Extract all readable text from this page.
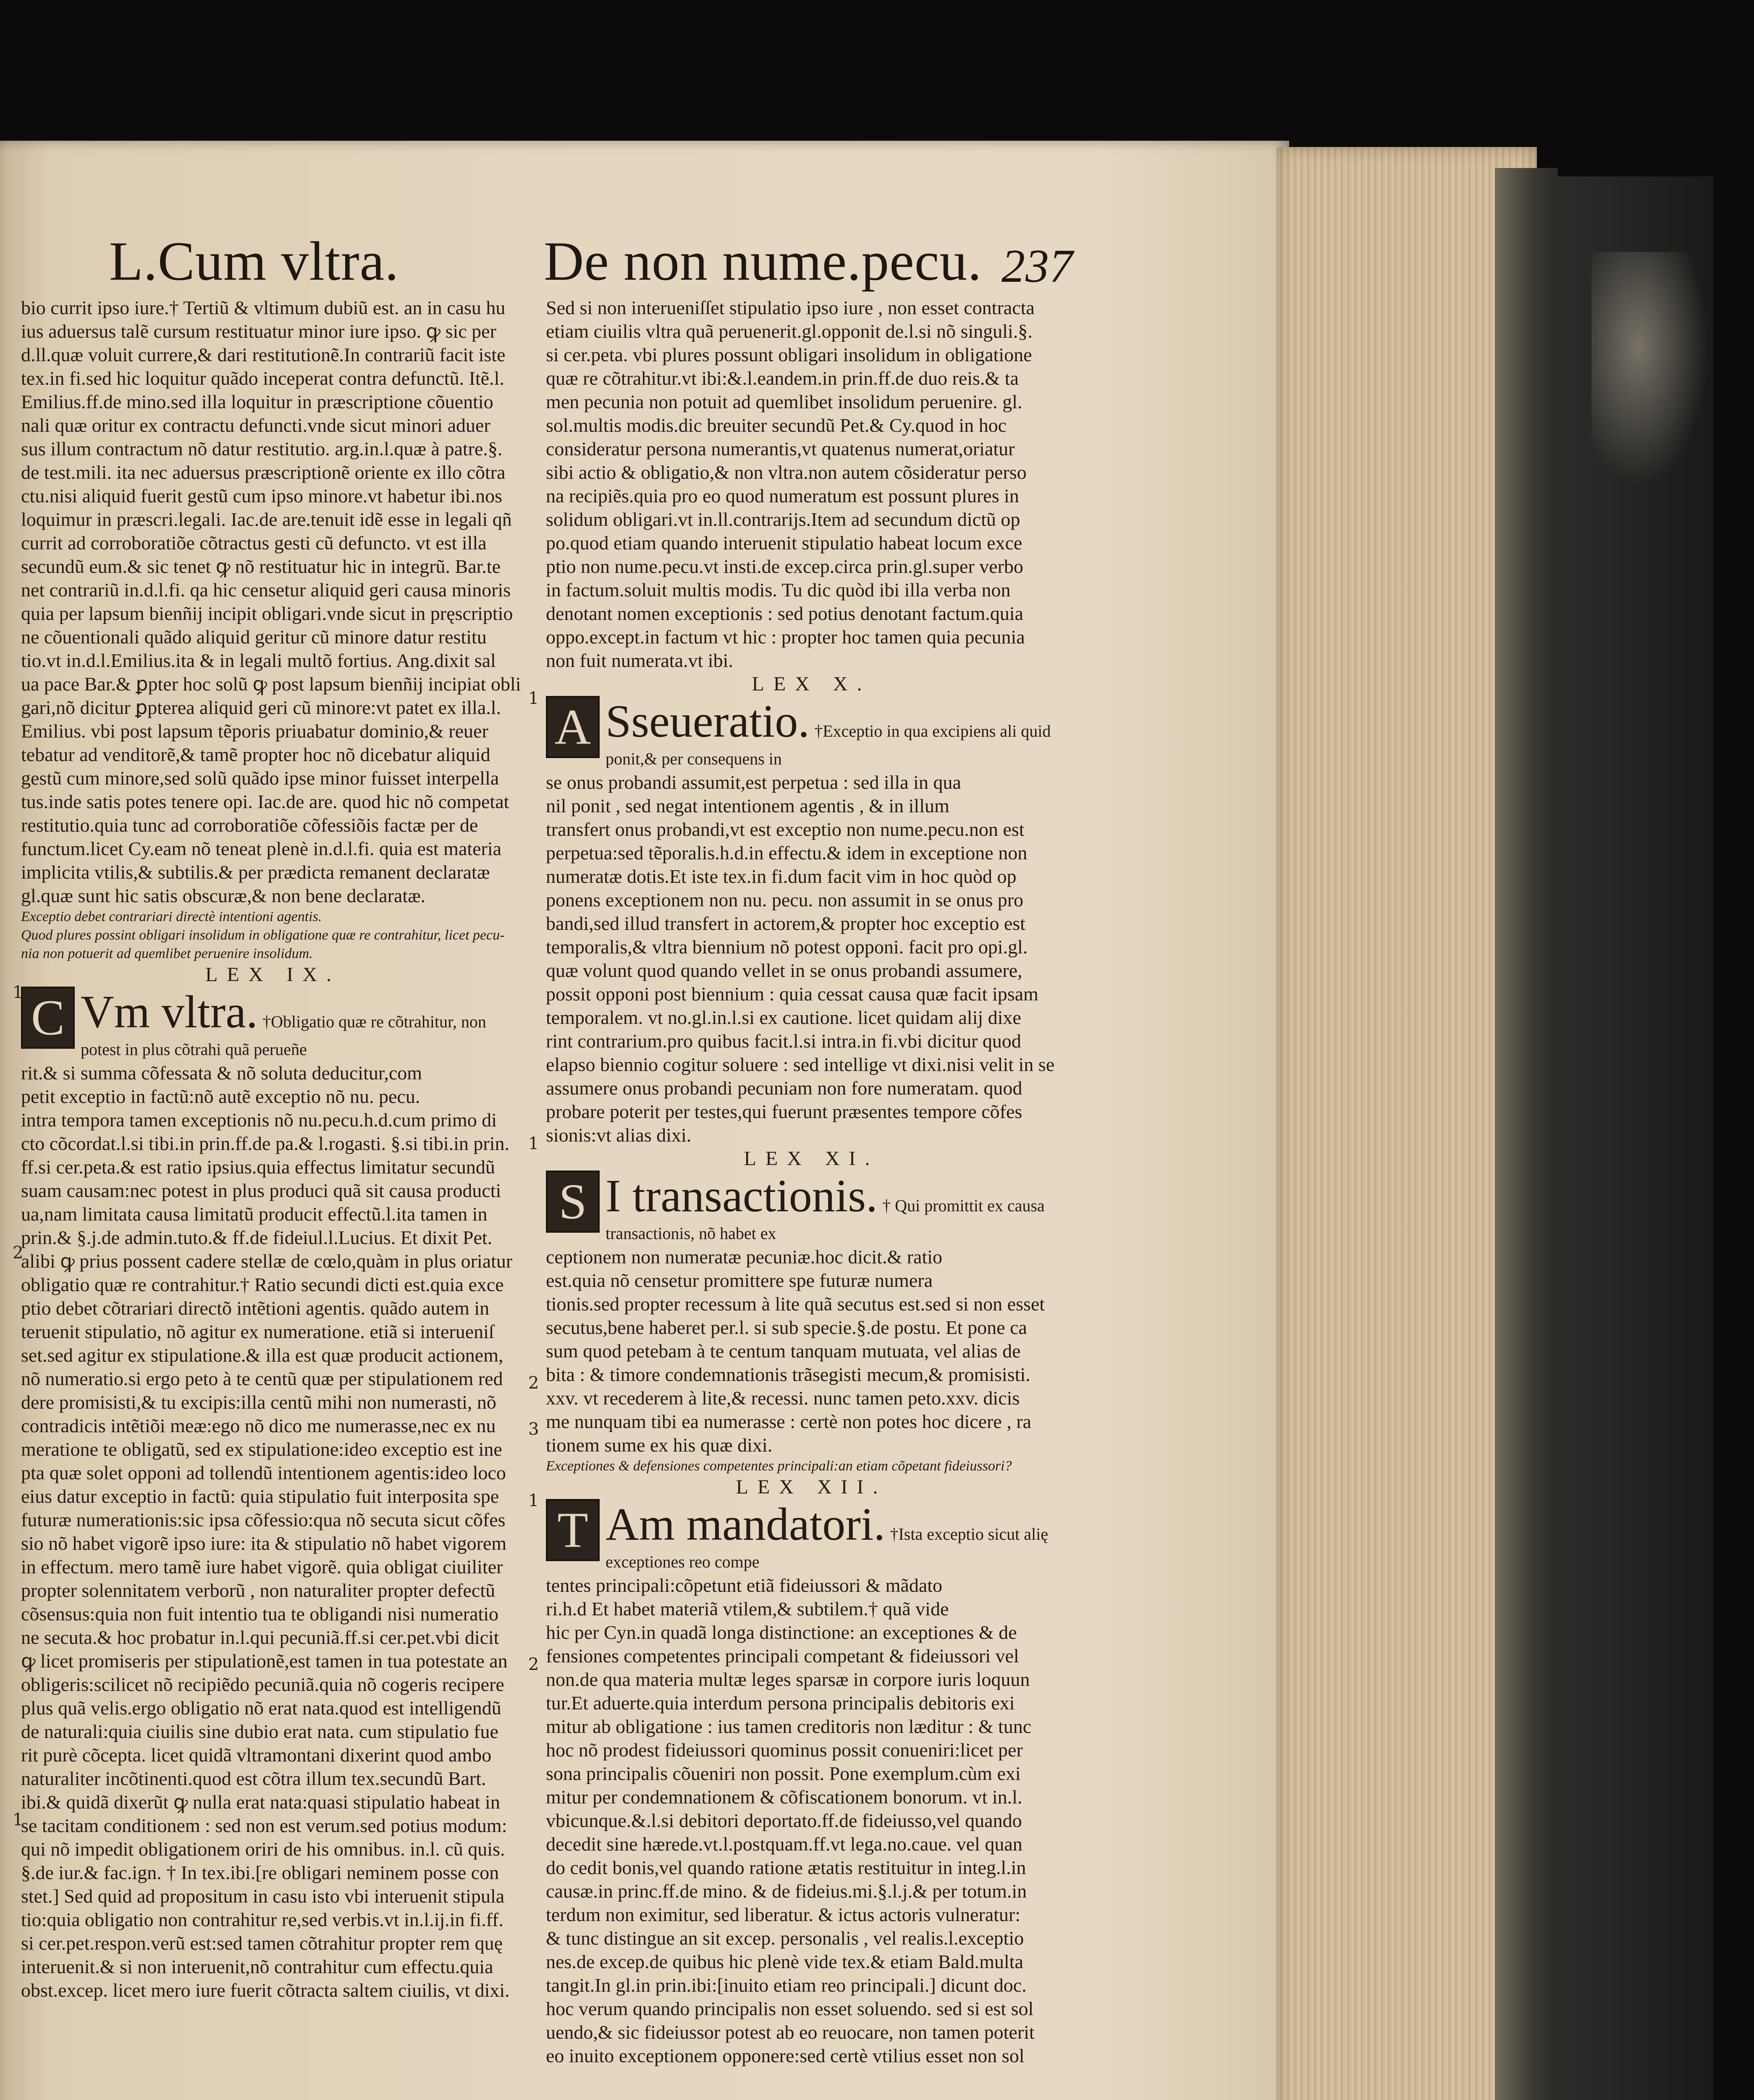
L.Cum vltra.	De non nume.pecu. 237

bio currit ipso iure.† Tertiũ & vltimum dubiũ est. an in casu hu

ius aduersus talẽ cursum restituatur minor iure ipso. ꝙ sic per

d.ll.quæ voluit currere,& dari restitutionẽ.In contrariũ facit iste

tex.in fi.sed hic loquitur quãdo inceperat contra defunctũ. Itẽ.l.

Emilius.ff.de mino.sed illa loquitur in præscriptione cõuentio

nali quæ oritur ex contractu defuncti.vnde sicut minori aduer

sus illum contractum nõ datur restitutio. arg.in.l.quæ à patre.§.

de test.mili. ita nec aduersus præscriptionẽ oriente ex illo cõtra

ctu.nisi aliquid fuerit gestũ cum ipso minore.vt habetur ibi.nos

loquimur in præscri.legali. Iac.de are.tenuit idẽ esse in legali qñ

currit ad corroboratiõe cõtractus gesti cũ defuncto. vt est illa

secundũ eum.& sic tenet ꝙ nõ restituatur hic in integrũ. Bar.te

net contrariũ in.d.l.fi. qa hic censetur aliquid geri causa minoris

quia per lapsum bienñij incipit obligari.vnde sicut in pręscriptio

ne cõuentionali quãdo aliquid geritur cũ minore datur restitu

tio.vt in.d.l.Emilius.ita & in legali multõ fortius. Ang.dixit sal

ua pace Bar.& ꝑpter hoc solũ ꝙ post lapsum bienñij incipiat obli

gari,nõ dicitur ꝑpterea aliquid geri cũ minore:vt patet ex illa.l.

Emilius. vbi post lapsum tẽporis priuabatur dominio,& reuer

tebatur ad venditorẽ,& tamẽ propter hoc nõ dicebatur aliquid

gestũ cum minore,sed solũ quãdo ipse minor fuisset interpella

tus.inde satis potes tenere opi. Iac.de are. quod hic nõ competat

restitutio.quia tunc ad corroboratiõe cõfessiõis factæ per de

functum.licet Cy.eam nõ teneat plenè in.d.l.fi. quia est materia

implicita vtilis,& subtilis.& per prædicta remanent declaratæ

gl.quæ sunt hic satis obscuræ,& non bene declaratæ.

Exceptio debet contrariari directè intentioni agentis.

Quod plures possint obligari insolidum in obligatione quæ re contrahitur, licet pecu-

nia non potuerit ad quemlibet peruenire insolidum.

LEX IX.

C Vm vltra. †Obligatio quæ re cõtrahitur, non potest in plus cõtrahi quã perueñe

rit.& si summa cõfessata & nõ soluta deducitur,com

petit exceptio in factũ:nõ autẽ exceptio nõ nu. pecu.

intra tempora tamen exceptionis nõ nu.pecu.h.d.cum primo di

cto cõcordat.l.si tibi.in prin.ff.de pa.& l.rogasti. §.si tibi.in prin.

ff.si cer.peta.& est ratio ipsius.quia effectus limitatur secundũ

suam causam:nec potest in plus produci quã sit causa producti

ua,nam limitata causa limitatũ producit effectũ.l.ita tamen in

prin.& §.j.de admin.tuto.& ff.de fideiul.l.Lucius. Et dixit Pet.

alibi ꝙ prius possent cadere stellæ de cœlo,quàm in plus oriatur

obligatio quæ re contrahitur.† Ratio secundi dicti est.quia exce

ptio debet cõtrariari directõ intẽtioni agentis. quãdo autem in

teruenit stipulatio, nõ agitur ex numeratione. etiã si interueniſ

set.sed agitur ex stipulatione.& illa est quæ producit actionem,

nõ numeratio.si ergo peto à te centũ quæ per stipulationem red

dere promisisti,& tu excipis:illa centũ mihi non numerasti, nõ

contradicis intẽtiõi meæ:ego nõ dico me numerasse,nec ex nu

meratione te obligatũ, sed ex stipulatione:ideo exceptio est ine

pta quæ solet opponi ad tollendũ intentionem agentis:ideo loco

eius datur exceptio in factũ: quia stipulatio fuit interposita spe

futuræ numerationis:sic ipsa cõfessio:qua nõ secuta sicut cõfes

sio nõ habet vigorẽ ipso iure: ita & stipulatio nõ habet vigorem

in effectum. mero tamẽ iure habet vigorẽ. quia obligat ciuiliter

propter solennitatem verborũ , non naturaliter propter defectũ

cõsensus:quia non fuit intentio tua te obligandi nisi numeratio

ne secuta.& hoc probatur in.l.qui pecuniã.ff.si cer.pet.vbi dicit

ꝙ licet promiseris per stipulationẽ,est tamen in tua potestate an

obligeris:scilicet nõ recipiẽdo pecuniã.quia nõ cogeris recipere

plus quã velis.ergo obligatio nõ erat nata.quod est intelligendũ

de naturali:quia ciuilis sine dubio erat nata. cum stipulatio fue

rit purè cõcepta. licet quidã vltramontani dixerint quod ambo

naturaliter incõtinenti.quod est cõtra illum tex.secundũ Bart.

ibi.& quidã dixerũt ꝙ nulla erat nata:quasi stipulatio habeat in

se tacitam conditionem : sed non est verum.sed potius modum:

qui nõ impedit obligationem oriri de his omnibus. in.l. cũ quis.

§.de iur.& fac.ign. † In tex.ibi.[re obligari neminem posse con

stet.] Sed quid ad propositum in casu isto vbi interuenit stipula

tio:quia obligatio non contrahitur re,sed verbis.vt in.l.ij.in fi.ff.

si cer.pet.respon.verũ est:sed tamen cõtrahitur propter rem quę

interuenit.& si non interuenit,nõ contrahitur cum effectu.quia

obst.excep. licet mero iure fuerit cõtracta saltem ciuilis, vt dixi.

Sed si non interueniſſet stipulatio ipso iure , non esset contracta

etiam ciuilis vltra quã peruenerit.gl.opponit de.l.si nõ singuli.§.

si cer.peta. vbi plures possunt obligari insolidum in obligatione

quæ re cõtrahitur.vt ibi:&.l.eandem.in prin.ff.de duo reis.& ta

men pecunia non potuit ad quemlibet insolidum peruenire. gl.

sol.multis modis.dic breuiter secundũ Pet.& Cy.quod in hoc

consideratur persona numerantis,vt quatenus numerat,oriatur

sibi actio & obligatio,& non vltra.non autem cõsideratur perso

na recipiẽs.quia pro eo quod numeratum est possunt plures in

solidum obligari.vt in.ll.contrarijs.Item ad secundum dictũ op

po.quod etiam quando interuenit stipulatio habeat locum exce

ptio non nume.pecu.vt insti.de excep.circa prin.gl.super verbo

in factum.soluit multis modis. Tu dic quòd ibi illa verba non

denotant nomen exceptionis : sed potius denotant factum.quia

oppo.except.in factum vt hic : propter hoc tamen quia pecunia

non fuit numerata.vt ibi.

LEX X.

A Sseueratio. †Exceptio in qua excipiens ali quid ponit,& per consequens in

se onus probandi assumit,est perpetua : sed illa in qua

nil ponit , sed negat intentionem agentis , & in illum

transfert onus probandi,vt est exceptio non nume.pecu.non est

perpetua:sed tẽporalis.h.d.in effectu.& idem in exceptione non

numeratæ dotis.Et iste tex.in fi.dum facit vim in hoc quòd op

ponens exceptionem non nu. pecu. non assumit in se onus pro

bandi,sed illud transfert in actorem,& propter hoc exceptio est

temporalis,& vltra biennium nõ potest opponi. facit pro opi.gl.

quæ volunt quod quando vellet in se onus probandi assumere,

possit opponi post biennium : quia cessat causa quæ facit ipsam

temporalem. vt no.gl.in.l.si ex cautione. licet quidam alij dixe

rint contrarium.pro quibus facit.l.si intra.in fi.vbi dicitur quod

elapso biennio cogitur soluere : sed intellige vt dixi.nisi velit in se

assumere onus probandi pecuniam non fore numeratam. quod

probare poterit per testes,qui fuerunt præsentes tempore cõfes

sionis:vt alias dixi.

LEX XI.

S I transactionis. † Qui promittit ex causa transactionis, nõ habet ex

ceptionem non numeratæ pecuniæ.hoc dicit.& ratio

est.quia nõ censetur promittere spe futuræ numera

tionis.sed propter recessum à lite quã secutus est.sed si non esset

secutus,bene haberet per.l. si sub specie.§.de postu. Et pone ca

sum quod petebam à te centum tanquam mutuata, vel alias de

bita : & timore condemnationis trãsegisti mecum,& promisisti.

xxv. vt recederem à lite,& recessi. nunc tamen peto.xxv. dicis

me nunquam tibi ea numerasse : certè non potes hoc dicere , ra

tionem sume ex his quæ dixi.

Exceptiones & defensiones competentes principali:an etiam cõpetant fideiussori?

LEX XII.

T Am mandatori. †Ista exceptio sicut alię exceptiones reo compe

tentes principali:cõpetunt etiã fideiussori & mãdato

ri.h.d Et habet materiã vtilem,& subtilem.† quã vide

hic per Cyn.in quadã longa distinctione: an exceptiones & de

fensiones competentes principali competant & fideiussori vel

non.de qua materia multæ leges sparsæ in corpore iuris loquun

tur.Et aduerte.quia interdum persona principalis debitoris exi

mitur ab obligatione : ius tamen creditoris non læditur : & tunc

hoc nõ prodest fideiussori quominus possit conueniri:licet per

sona principalis cõueniri non possit. Pone exemplum.cùm exi

mitur per condemnationem & cõfiscationem bonorum. vt in.l.

vbicunque.&.l.si debitori deportato.ff.de fideiusso,vel quando

decedit sine hærede.vt.l.postquam.ff.vt lega.no.caue. vel quan

do cedit bonis,vel quando ratione ætatis restituitur in integ.l.in

causæ.in princ.ff.de mino. & de fideius.mi.§.l.j.& per totum.in

terdum non eximitur, sed liberatur. & ictus actoris vulneratur:

& tunc distingue an sit excep. personalis , vel realis.l.exceptio

nes.de excep.de quibus hic plenè vide tex.& etiam Bald.multa

tangit.In gl.in prin.ibi:[inuito etiam reo principali.] dicunt doc.

hoc verum quando principalis non esset soluendo. sed si est sol

uendo,& sic fideiussor potest ab eo reuocare, non tamen poterit

eo inuito exceptionem opponere:sed certè vtilius esset non sol

1
1
2
3
1
1
2
1
2
